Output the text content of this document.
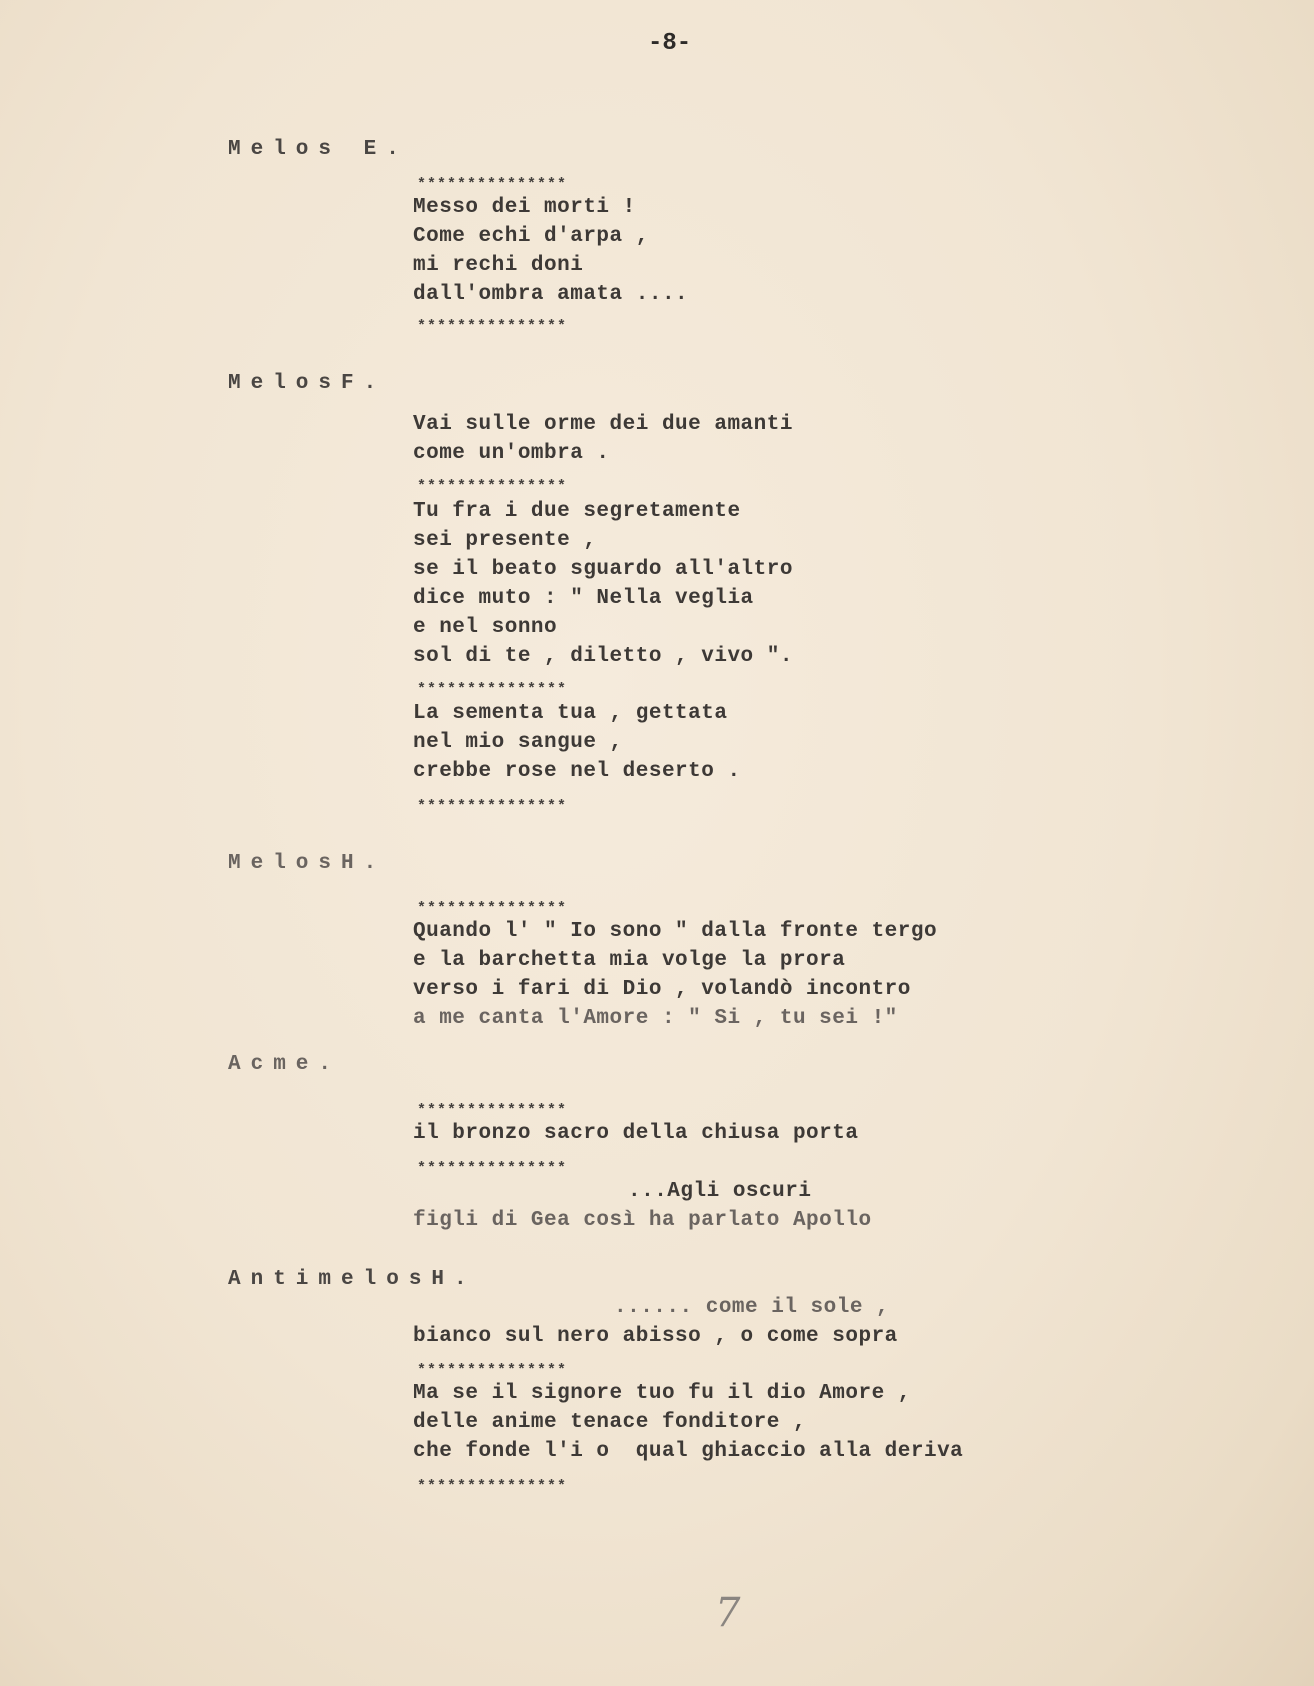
-8-
Melos E.
***************
Messo dei morti !
Come echi d'arpa ,
mi rechi doni
dall'ombra amata ....
***************
MelosF.
Vai sulle orme dei due amanti
come un'ombra .
***************
Tu fra i due segretamente
sei presente ,
se il beato sguardo all'altro
dice muto : " Nella veglia
e nel sonno
sol di te , diletto , vivo ".
***************
La sementa tua , gettata
nel mio sangue ,
crebbe rose nel deserto .
***************
MelosH.
***************
Quando l' " Io sono " dalla fronte tergo
e la barchetta mia volge la prora
verso i fari di Dio , volandò incontro
a me canta l'Amore : " Si , tu sei !"
Acme.
***************
il bronzo sacro della chiusa porta
***************
...Agli oscuri
figli di Gea così ha parlato Apollo
AntimelosH.
...... come il sole ,
bianco sul nero abisso , o come sopra
***************
Ma se il signore tuo fu il dio Amore ,
delle anime tenace fonditore ,
che fonde l'i o  qual ghiaccio alla deriva
***************
7
